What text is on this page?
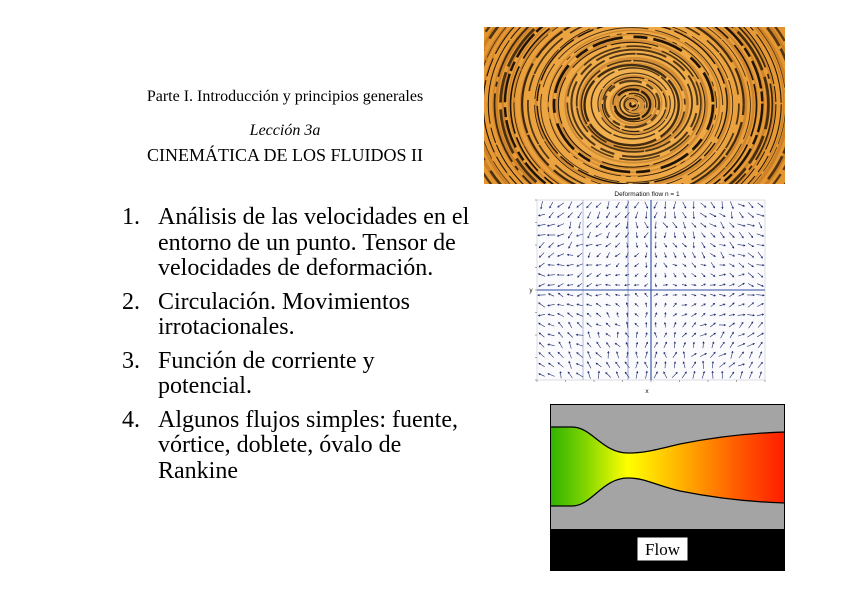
Parte I. Introducción y principios generales
Lección 3a
CINEMÁTICA DE LOS FLUIDOS II
1. Análisis de las velocidades en el
entorno de un punto. Tensor de
velocidades de deformación.
2. Circulación. Movimientos
irrotacionales.
3. Función de corriente y
potencial.
4. Algunos flujos simples: fuente,
vórtice, doblete, óvalo de
Rankine
Deformation flow n = 1
x
y
Flow
